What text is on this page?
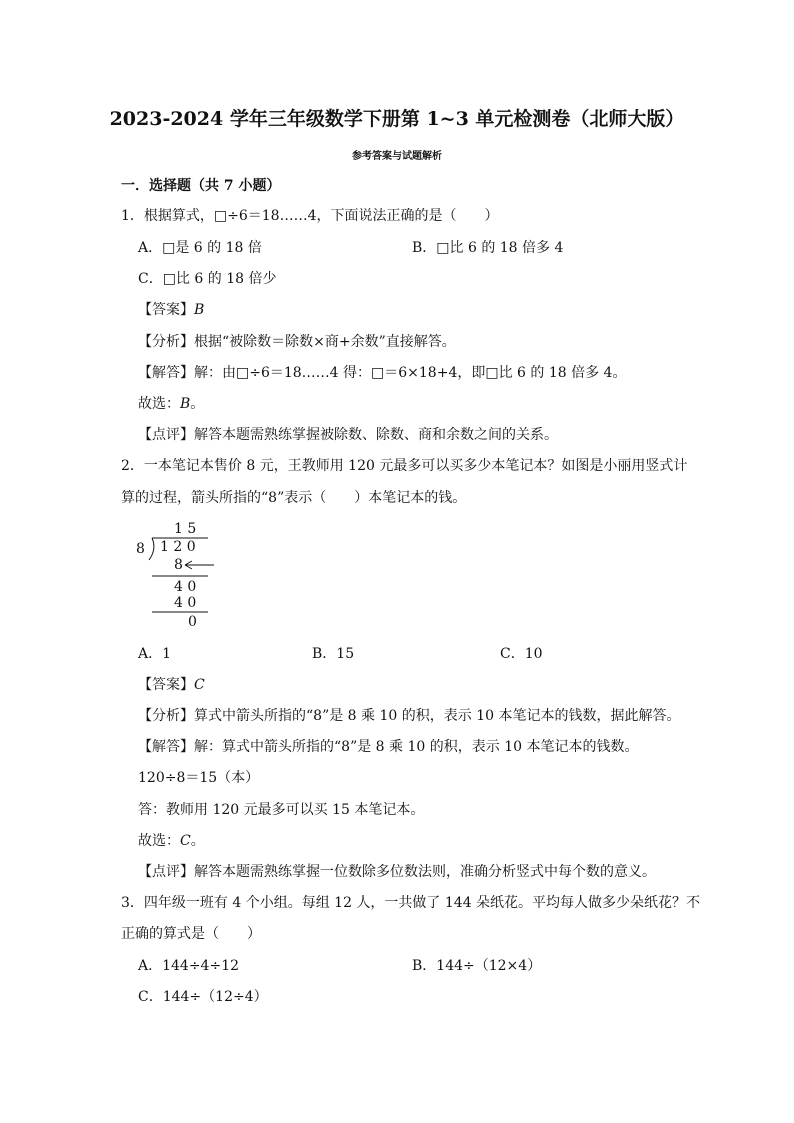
2023-2024 学年三年级数学下册第 1~3 单元检测卷（北师大版）
参考答案与试题解析
一．选择题（共 7 小题）
1．根据算式，□÷6＝18……4，下面说法正确的是（　　）
A．□是 6 的 18 倍	B．□比 6 的 18 倍多 4
C．□比 6 的 18 倍少
【答案】B
【分析】根据“被除数＝除数×商+余数”直接解答。
【解答】解：由□÷6＝18……4 得：□＝6×18+4，即□比 6 的 18 倍多 4。
故选：B。
【点评】解答本题需熟练掌握被除数、除数、商和余数之间的关系。
2．一本笔记本售价 8 元，王教师用 120 元最多可以买多少本笔记本？如图是小丽用竖式计
算的过程，箭头所指的“8”表示（　　）本笔记本的钱。
1 5
8 1 2 0
8
4 0
4 0
0
A．1	B．15	C．10
【答案】C
【分析】算式中箭头所指的“8”是 8 乘 10 的积，表示 10 本笔记本的钱数，据此解答。
【解答】解：算式中箭头所指的“8”是 8 乘 10 的积，表示 10 本笔记本的钱数。
120÷8＝15（本）
答：教师用 120 元最多可以买 15 本笔记本。
故选：C。
【点评】解答本题需熟练掌握一位数除多位数法则，准确分析竖式中每个数的意义。
3．四年级一班有 4 个小组。每组 12 人，一共做了 144 朵纸花。平均每人做多少朵纸花？不
正确的算式是（　　）
A．144÷4÷12	B．144÷（12×4）
C．144÷（12÷4）
